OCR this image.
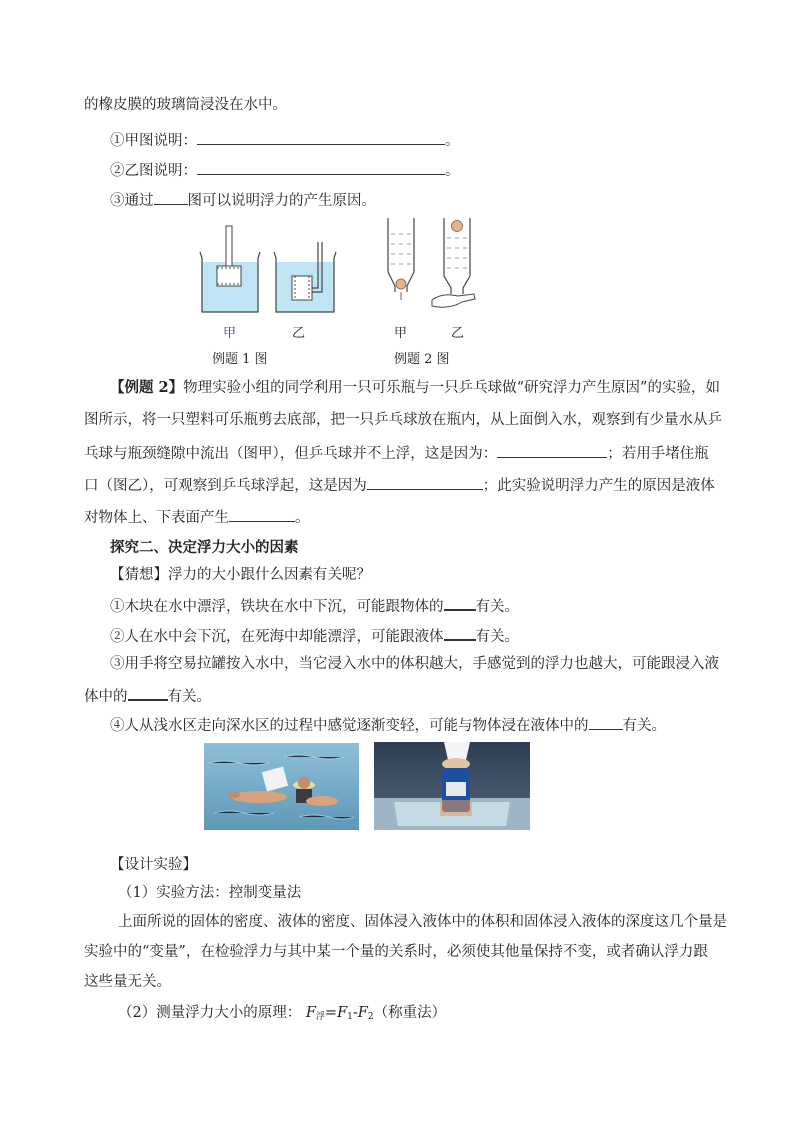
的橡皮膜的玻璃筒浸没在水中。
①甲图说明：	。
②乙图说明：	。
③通过 图可以说明浮力的产生原因。
甲	乙	甲	乙
例题 1 图	例题 2 图
【例题 2】物理实验小组的同学利用一只可乐瓶与一只乒乓球做“研究浮力产生原因”的实验，如
图所示，将一只塑料可乐瓶剪去底部，把一只乒乓球放在瓶内，从上面倒入水，观察到有少量水从乒
乓球与瓶颈缝隙中流出（图甲），但乒乓球并不上浮，这是因为：	；若用手堵住瓶
口（图乙），可观察到乒乓球浮起，这是因为	；此实验说明浮力产生的原因是液体
对物体上、下表面产生	。
探究二、决定浮力大小的因素
【猜想】浮力的大小跟什么因素有关呢？
①木块在水中漂浮，铁块在水中下沉，可能跟物体的 有关。
②人在水中会下沉，在死海中却能漂浮，可能跟液体 有关。
③用手将空易拉罐按入水中，当它浸入水中的体积越大，手感觉到的浮力也越大，可能跟浸入液
体中的	有关。
④人从浅水区走向深水区的过程中感觉逐渐变轻，可能与物体浸在液体中的 有关。
【设计实验】
（1）实验方法：控制变量法
上面所说的固体的密度、液体的密度、固体浸入液体中的体积和固体浸入液体的深度这几个量是
实验中的“变量”，在检验浮力与其中某一个量的关系时，必须使其他量保持不变，或者确认浮力跟
这些量无关。
（2）测量浮力大小的原理： $F_浮=F_1-F_2$（称重法）
